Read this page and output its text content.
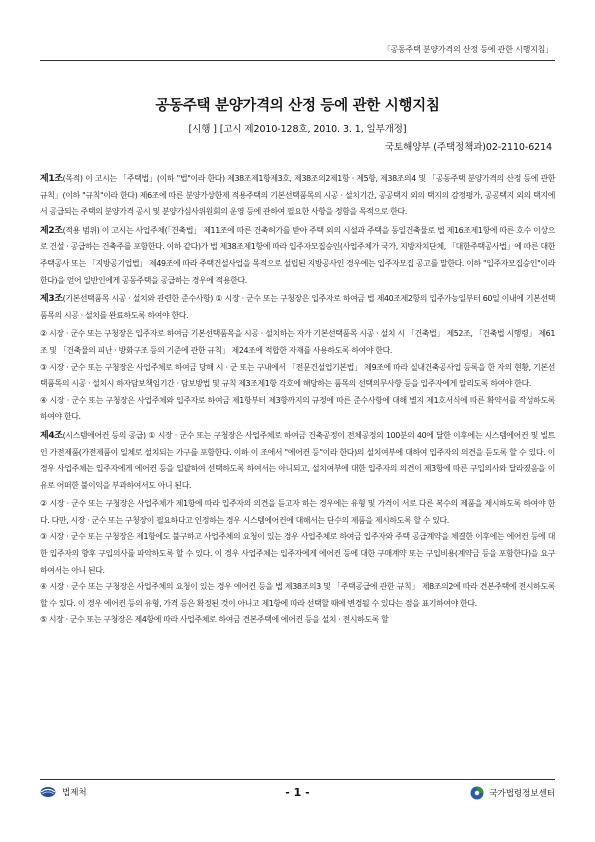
「공동주택 분양가격의 산정 등에 관한 시행지침」
공동주택 분양가격의 산정 등에 관한 시행지침
[시행 ] [고시 제2010-128호, 2010. 3. 1, 일부개정]
국토해양부 (주택정책과)02-2110-6214

제1조(목적) 이 고시는 「주택법」(이하 "법"이라 한다) 제38조제1항제3호, 제38조의2제1항 · 제5항, 제38조의4 및 「공동주택 분양가격의 산정 등에 관한 규칙」(이하 "규칙"이라 한다) 제6조에 따른 분양가상한제 적용주택의 기본선택품목의 시공 · 설치기간, 공공택지 외의 택지의 감정평가, 공공택지 외의 택지에서 공급되는 주택의 분양가격 공시 및 분양가심사위원회의 운영 등에 관하여 필요한 사항을 정함을 목적으로 한다.

제2조(적용 범위) 이 고시는 사업주체(「건축법」 제11조에 따른 건축허가를 받아 주택 외의 시설과 주택을 동일건축물로 법 제16조제1항에 따른 호수 이상으로 건설 · 공급하는 건축주를 포함한다. 이하 같다)가 법 제38조제1항에 따라 입주자모집승인(사업주체가 국가, 지방자치단체, 「대한주택공사법」에 따른 대한주택공사 또는 「지방공기업법」 제49조에 따라 주택건설사업을 목적으로 설립된 지방공사인 경우에는 입주자모집 공고를 말한다. 이하 "입주자모집승인"이라 한다)을 얻어 일반인에게 공동주택을 공급하는 경우에 적용한다.

제3조(기본선택품목 시공 · 설치와 관련한 준수사항) ① 시장 · 군수 또는 구청장은 입주자로 하여금 법 제40조제2항의 입주가능일부터 60일 이내에 기본선택품목의 시공 · 설치를 완료하도록 하여야 한다.

② 시장 · 군수 또는 구청장은 입주자로 하여금 기본선택품목을 시공 · 설치하는 자가 기본선택품목 시공 · 설치 시 「건축법」 제52조, 「건축법 시행령」 제61조 및 「건축물의 피난 · 방화구조 등의 기준에 관한 규칙」 제24조에 적합한 자재를 사용하도록 하여야 한다.

③ 시장 · 군수 또는 구청장은 사업주체로 하여금 당해 시 · 군 또는 구내에서 「전문건설업기본법」 제9조에 따라 실내건축공사업 등록을 한 자의 현황, 기본선택품목의 시공 · 설치시 하자담보책임기간 · 담보방법 및 규칙 제3조제1항 각호에 해당하는 품목의 선택의무사항 등을 입주자에게 알리도록 하여야 한다.

④ 시장 · 군수 또는 구청장은 사업주체와 입주자로 하여금 제1항부터 제3항까지의 규정에 따른 준수사항에 대해 별지 제1호서식에 따른 확약서를 작성하도록 하여야 한다.

제4조(시스템에어컨 등의 공급) ① 시장 · 군수 또는 구청장은 사업주체로 하여금 건축공정이 전체공정의 100분의 40에 달한 이후에는 시스템에어컨 및 빌트인 가전제품(가전제품이 일체로 설치되는 가구를 포함한다. 이하 이 조에서 "에어컨 등"이라 한다)의 설치여부에 대하여 입주자의 의견을 듣도록 할 수 있다. 이 경우 사업주체는 입주자에게 에어컨 등을 일괄하여 선택하도록 하여서는 아니되고, 설치여부에 대한 입주자의 의견이 제3항에 따른 구입의사와 달라졌음을 이유로 어떠한 불이익을 부과하여서도 아니 된다.

② 시장 · 군수 또는 구청장은 사업주체가 제1항에 따라 입주자의 의견을 듣고자 하는 경우에는 유형 및 가격이 서로 다른 복수의 제품을 제시하도록 하여야 한다. 다만, 시장 · 군수 또는 구청장이 필요하다고 인정하는 경우 시스템에어컨에 대해서는 단수의 제품을 제시하도록 할 수 있다.

③ 시장 · 군수 또는 구청장은 제1항에도 불구하고 사업주체의 요청이 있는 경우 사업주체로 하여금 입주자와 주택 공급계약을 체결한 이후에는 에어컨 등에 대한 입주자의 향후 구입의사를 파악하도록 할 수 있다. 이 경우 사업주체는 입주자에게 에어컨 등에 대한 구매계약 또는 구입비용(계약금 등을 포함한다)을 요구하여서는 아니 된다.

④ 시장 · 군수 또는 구청장은 사업주체의 요청이 있는 경우 에어컨 등을 법 제38조의3 및 「주택공급에 관한 규칙」 제8조의2에 따라 견본주택에 전시하도록 할 수 있다. 이 경우 에어컨 등의 유형, 가격 등은 확정된 것이 아니고 제1항에 따라 선택할 때에 변경될 수 있다는 점을 표기하여야 한다.

⑤ 시장 · 군수 또는 구청장은 제4항에 따라 사업주체로 하여금 견본주택에 에어컨 등을 설치 · 전시하도록 할

법제처	- 1 -	국가법령정보센터
